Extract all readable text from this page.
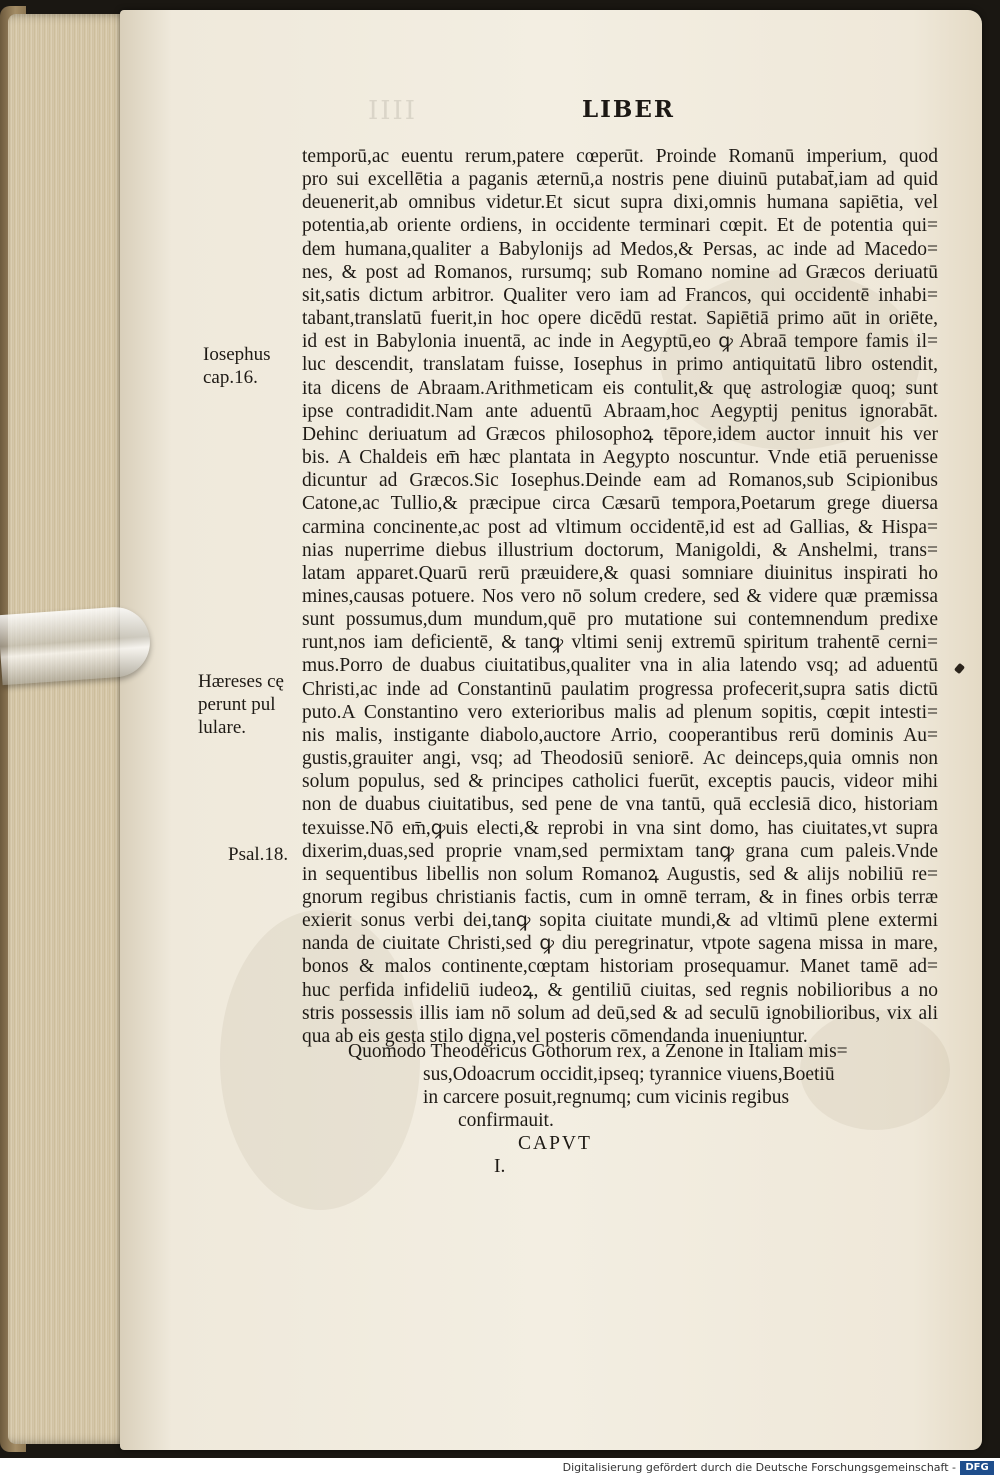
IIII	LIBER
temporū,ac euentu rerum,patere cœperūt. Proinde Romanū imperium, quod
pro sui excellētia a paganis æternū,a nostris pene diuinū putabat̄,iam ad quid
deuenerit,ab omnibus videtur.Et sicut supra dixi,omnis humana sapiētia, vel
potentia,ab oriente ordiens, in occidente terminari cœpit. Et de potentia qui=
dem humana,qualiter a Babylonijs ad Medos,& Persas, ac inde ad Macedo=
nes, & post ad Romanos, rursumq; sub Romano nomine ad Græcos deriuatū
sit,satis dictum arbitror. Qualiter vero iam ad Francos, qui occidentē inhabi=
tabant,translatū fuerit,in hoc opere dicēdū restat. Sapiētiā primo aūt in oriēte,
id est in Babylonia inuentā, ac inde in Aegyptū,eo ꝙ Abraā tempore famis il=
luc descendit, translatam fuisse, Iosephus in primo antiquitatū libro ostendit,
ita dicens de Abraam.Arithmeticam eis contulit,& quę astrologiæ quoq; sunt
ipse contradidit.Nam ante aduentū Abraam,hoc Aegyptij penitus ignorabāt.
Dehinc deriuatum ad Græcos philosophoꝝ tēpore,idem auctor innuit his ver
bis. A Chaldeis em̄ hæc plantata in Aegypto noscuntur. Vnde etiā peruenisse
dicuntur ad Græcos.Sic Iosephus.Deinde eam ad Romanos,sub Scipionibus
Catone,ac Tullio,& præcipue circa Cæsarū tempora,Poetarum grege diuersa
carmina concinente,ac post ad vltimum occidentē,id est ad Gallias, & Hispa=
nias nuperrime diebus illustrium doctorum, Manigoldi, & Anshelmi, trans=
latam apparet.Quarū rerū præuidere,& quasi somniare diuinitus inspirati ho
mines,causas potuere. Nos vero nō solum credere, sed & videre quæ præmissa
sunt possumus,dum mundum,quē pro mutatione sui contemnendum predixe
runt,nos iam deficientē, & tanꝙ vltimi senij extremū spiritum trahentē cerni=
mus.Porro de duabus ciuitatibus,qualiter vna in alia latendo vsq; ad aduentū
Christi,ac inde ad Constantinū paulatim progressa profecerit,supra satis dictū
puto.A Constantino vero exterioribus malis ad plenum sopitis, cœpit intesti=
nis malis, instigante diabolo,auctore Arrio, cooperantibus rerū dominis Au=
gustis,grauiter angi, vsq; ad Theodosiū seniorē. Ac deinceps,quia omnis non
solum populus, sed & principes catholici fuerūt, exceptis paucis, videor mihi
non de duabus ciuitatibus, sed pene de vna tantū, quā ecclesiā dico, historiam
texuisse.Nō em̄,ꝙuis electi,& reprobi in vna sint domo, has ciuitates,vt supra
dixerim,duas,sed proprie vnam,sed permixtam tanꝙ grana cum paleis.Vnde
in sequentibus libellis non solum Romanoꝝ Augustis, sed & alijs nobiliū re=
gnorum regibus christianis factis, cum in omnē terram, & in fines orbis terræ
exierit sonus verbi dei,tanꝙ sopita ciuitate mundi,& ad vltimū plene extermi
nanda de ciuitate Christi,sed ꝙ diu peregrinatur, vtpote sagena missa in mare,
bonos & malos continente,cœptam historiam prosequamur. Manet tamē ad=
huc perfida infideliū iudeoꝝ, & gentiliū ciuitas, sed regnis nobilioribus a no
stris possessis illis iam nō solum ad deū,sed & ad seculū ignobilioribus, vix ali
qua ab eis gesta stilo digna,vel posteris cōmendanda inueniuntur.
Iosephus
cap.16.
Hæreses cę
perunt pul
lulare.
Psal.18.

Quomodo Theodericus Gothorum rex, a Zenone in Italiam mis=
sus,Odoacrum occidit,ipseq; tyrannice viuens,Boetiū
in carcere posuit,regnumq; cum vicinis regibus
confirmauit.
CAPVT
I.
Digitalisierung gefördert durch die Deutsche Forschungsgemeinschaft - DFG
